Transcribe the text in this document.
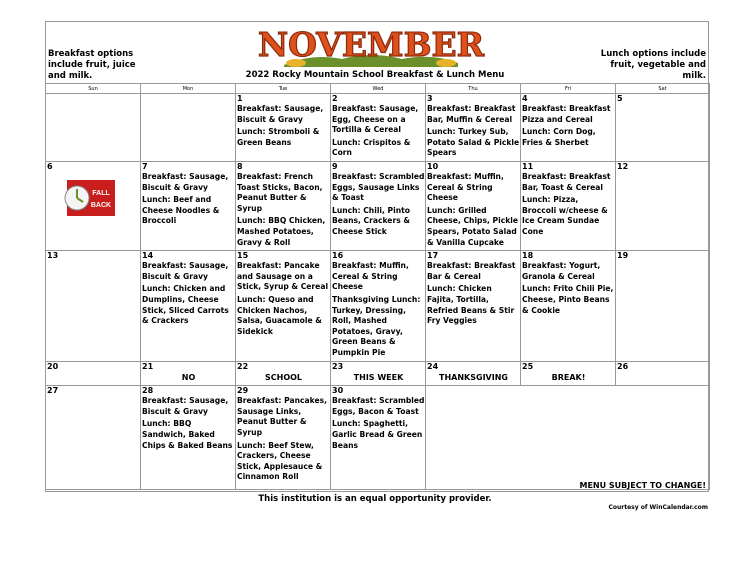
Breakfast options include fruit, juice and milk.
Lunch options include fruit, vegetable and milk.
NOVEMBER
2022 Rocky Mountain School Breakfast & Lunch Menu
Sun	Mon	Tue	Wed	Thu	Fri	Sat

		1
Breakfast: Sausage, Biscuit & Gravy
Lunch: Stromboli & Green Beans	2
Breakfast: Sausage, Egg, Cheese on a Tortilla & Cereal
Lunch: Crispitos & Corn	3
Breakfast: Breakfast Bar, Muffin & Cereal
Lunch: Turkey Sub, Potato Salad & Pickle Spears	4
Breakfast: Breakfast Pizza and Cereal
Lunch: Corn Dog, Fries & Sherbet	5

6
FALL
BACK	7
Breakfast: Sausage, Biscuit & Gravy
Lunch: Beef and Cheese Noodles & Broccoli	8
Breakfast: French Toast Sticks, Bacon, Peanut Butter & Syrup
Lunch: BBQ Chicken, Mashed Potatoes, Gravy & Roll	9
Breakfast: Scrambled Eggs, Sausage Links & Toast
Lunch: Chili, Pinto Beans, Crackers & Cheese Stick	10
Breakfast: Muffin, Cereal & String Cheese
Lunch: Grilled Cheese, Chips, Pickle Spears, Potato Salad & Vanilla Cupcake	11
Breakfast: Breakfast Bar, Toast & Cereal
Lunch: Pizza, Broccoli w/cheese & Ice Cream Sundae Cone	12

13	14
Breakfast: Sausage, Biscuit & Gravy
Lunch: Chicken and Dumplins, Cheese Stick, Sliced Carrots & Crackers	15
Breakfast: Pancake and Sausage on a Stick, Syrup & Cereal
Lunch: Queso and Chicken Nachos, Salsa, Guacamole & Sidekick	16
Breakfast: Muffin, Cereal & String Cheese
Thanksgiving Lunch: Turkey, Dressing, Roll, Mashed Potatoes, Gravy, Green Beans & Pumpkin Pie	17
Breakfast: Breakfast Bar & Cereal
Lunch: Chicken Fajita, Tortilla, Refried Beans & Stir Fry Veggies	18
Breakfast: Yogurt, Granola & Cereal
Lunch: Frito Chili Pie, Cheese, Pinto Beans & Cookie	19

20	21
NO	22
SCHOOL	23
THIS WEEK	24
THANKSGIVING	25
BREAK!	26

27	28
Breakfast: Sausage, Biscuit & Gravy
Lunch: BBQ Sandwich, Baked Chips & Baked Beans	29
Breakfast: Pancakes, Sausage Links, Peanut Butter & Syrup
Lunch: Beef Stew, Crackers, Cheese Stick, Applesauce & Cinnamon Roll	30
Breakfast: Scrambled Eggs, Bacon & Toast
Lunch: Spaghetti, Garlic Bread & Green Beans			

MENU SUBJECT TO CHANGE!
This institution is an equal opportunity provider.
Courtesy of WinCalendar.com
